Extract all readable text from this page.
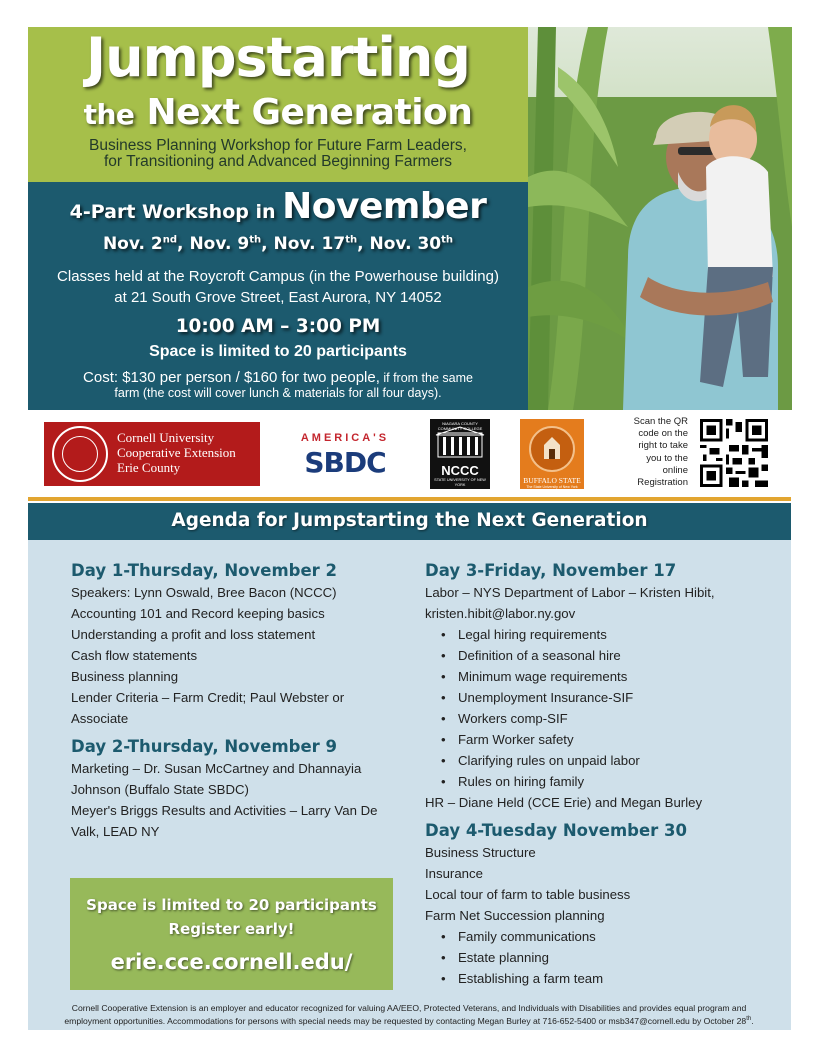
Jumpstarting
the Next Generation
Business Planning Workshop for Future Farm Leaders,
for Transitioning and Advanced Beginning Farmers
4-Part Workshop in November
Nov. 2nd, Nov. 9th, Nov. 17th, Nov. 30th
Classes held at the Roycroft Campus (in the Powerhouse building)
at 21 South Grove Street, East Aurora, NY 14052
10:00 AM – 3:00 PM
Space is limited to 20 participants
Cost: $130 per person / $160 for two people, if from the same
farm (the cost will cover lunch & materials for all four days).
Cornell University
Cooperative Extension
Erie County
AMERICA'S
SBDC
NIAGARA COUNTY COMMUNITY COLLEGE
NCCC
STATE UNIVERSITY OF NEW YORK	BUFFALO STATE
The State University of New York
Scan the QR code on the right to take you to the online Registration
Agenda for Jumpstarting the Next Generation
Day 1-Thursday, November 2

Speakers: Lynn Oswald, Bree Bacon (NCCC)

Accounting 101 and Record keeping basics

Understanding a profit and loss statement

Cash flow statements

Business planning

Lender Criteria – Farm Credit; Paul Webster or

Associate

Day 2-Thursday, November 9

Marketing – Dr. Susan McCartney and Dhannayia

Johnson (Buffalo State SBDC)

Meyer's Briggs Results and Activities – Larry Van De

Valk, LEAD NY

Day 3-Friday, November 17

Labor – NYS Department of Labor – Kristen Hibit,

kristen.hibit@labor.ny.gov

• Legal hiring requirements
• Definition of a seasonal hire
• Minimum wage requirements
• Unemployment Insurance-SIF
• Workers comp-SIF
• Farm Worker safety
• Clarifying rules on unpaid labor
• Rules on hiring family

HR – Diane Held (CCE Erie) and Megan Burley

Day 4-Tuesday November 30

Business Structure

Insurance

Local tour of farm to table business

Farm Net Succession planning

• Family communications
• Estate planning
• Establishing a farm team
Space is limited to 20 participants
Register early!
erie.cce.cornell.edu/
Cornell Cooperative Extension is an employer and educator recognized for valuing AA/EEO, Protected Veterans, and Individuals with Disabilities and provides equal program and
employment opportunities. Accommodations for persons with special needs may be requested by contacting Megan Burley at 716-652-5400 or msb347@cornell.edu by October 28th.
